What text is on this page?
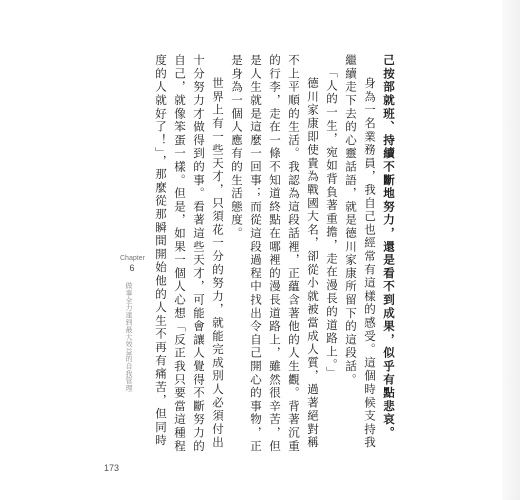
己按部就班、持續不斷地努力，還是看不到成果，似乎有點悲哀。

身為一名業務員，我自己也經常有這樣的感受。這個時候支持我繼續走下去的心靈話語，就是德川家康所留下的這段話。

「人的一生，宛如背負著重擔，走在漫長的道路上。」

德川家康即使貴為戰國大名，卻從小就被當成人質，過著絕對稱不上平順的生活。我認為這段話裡，正蘊含著他的人生觀。背著沉重的行李，走在一條不知道終點在哪裡的漫長道路上，雖然很辛苦，但是人生就是這麼一回事；而從這段過程中找出令自己開心的事物，正是身為一個人應有的生活態度。

世界上有一些天才，只須花一分的努力，就能完成別人必須付出十分努力才做得到的事。看著這些天才，可能會讓人覺得不斷努力的自己，就像笨蛋一樣。但是，如果一個人心想「反正我只要當這種程度的人就好了！」，那麼從那瞬間開始他的人生不再有痛苦，但同時

Chapter
6
做事全力達到最大效益的自我管理
173
